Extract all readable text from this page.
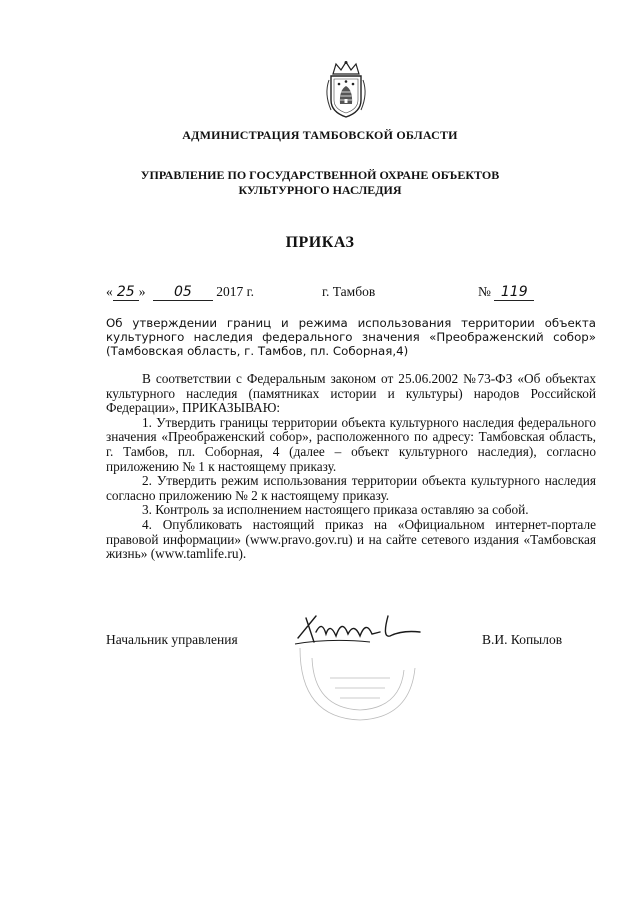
АДМИНИСТРАЦИЯ ТАМБОВСКОЙ ОБЛАСТИ
УПРАВЛЕНИЕ ПО ГОСУДАРСТВЕННОЙ ОХРАНЕ ОБЪЕКТОВ
КУЛЬТУРНОГО НАСЛЕДИЯ
ПРИКАЗ
« 25 » 05 2017 г.	г. Тамбов	№ 119
Об утверждении границ и режима использования территории объекта культурного наследия федерального значения «Преображенский собор» (Тамбовская область, г. Тамбов, пл. Соборная,4)

В соответствии с Федеральным законом от 25.06.2002 №73-ФЗ «Об объектах культурного наследия (памятниках истории и культуры) народов Российской Федерации», ПРИКАЗЫВАЮ:

1. Утвердить границы территории объекта культурного наследия федерального значения «Преображенский собор», расположенного по адресу: Тамбовская область, г. Тамбов, пл. Соборная, 4 (далее – объект культурного наследия), согласно приложению № 1 к настоящему приказу.

2. Утвердить режим использования территории объекта культурного наследия согласно приложению № 2 к настоящему приказу.

3. Контроль за исполнением настоящего приказа оставляю за собой.

4. Опубликовать настоящий приказ на «Официальном интернет-портале правовой информации» (www.pravo.gov.ru) и на сайте сетевого издания «Тамбовская жизнь» (www.tamlife.ru).

Начальник управления	В.И. Копылов
